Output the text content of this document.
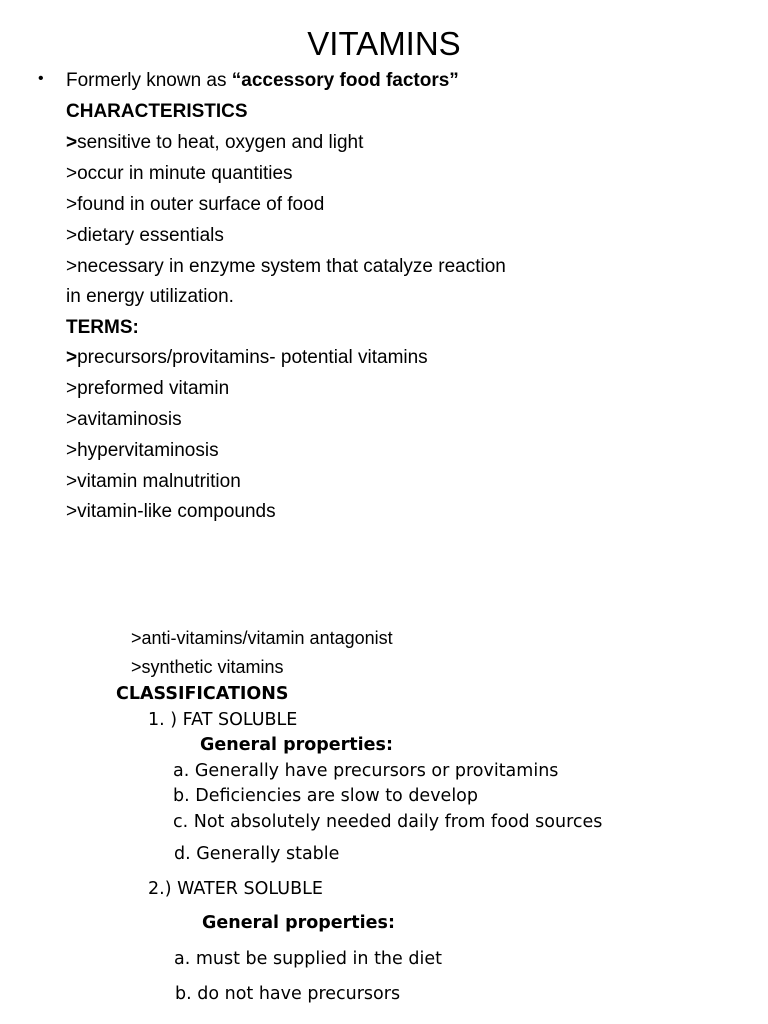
VITAMINS
• Formerly known as “accessory food factors”
CHARACTERISTICS
>sensitive to heat, oxygen and light
>occur in minute quantities
>found in outer surface of food
>dietary essentials
>necessary in enzyme system that catalyze reaction
in energy utilization.
TERMS:
>precursors/provitamins- potential vitamins
>preformed vitamin
>avitaminosis
>hypervitaminosis
>vitamin malnutrition
>vitamin-like compounds
>anti-vitamins/vitamin antagonist
>synthetic vitamins
CLASSIFICATIONS
1. ) FAT SOLUBLE
General properties:
a. Generally have precursors or provitamins
b. Deficiencies are slow to develop
c. Not absolutely needed daily from food sources
d. Generally stable
2.) WATER SOLUBLE
General properties:
a. must be supplied in the diet
b. do not have precursors
